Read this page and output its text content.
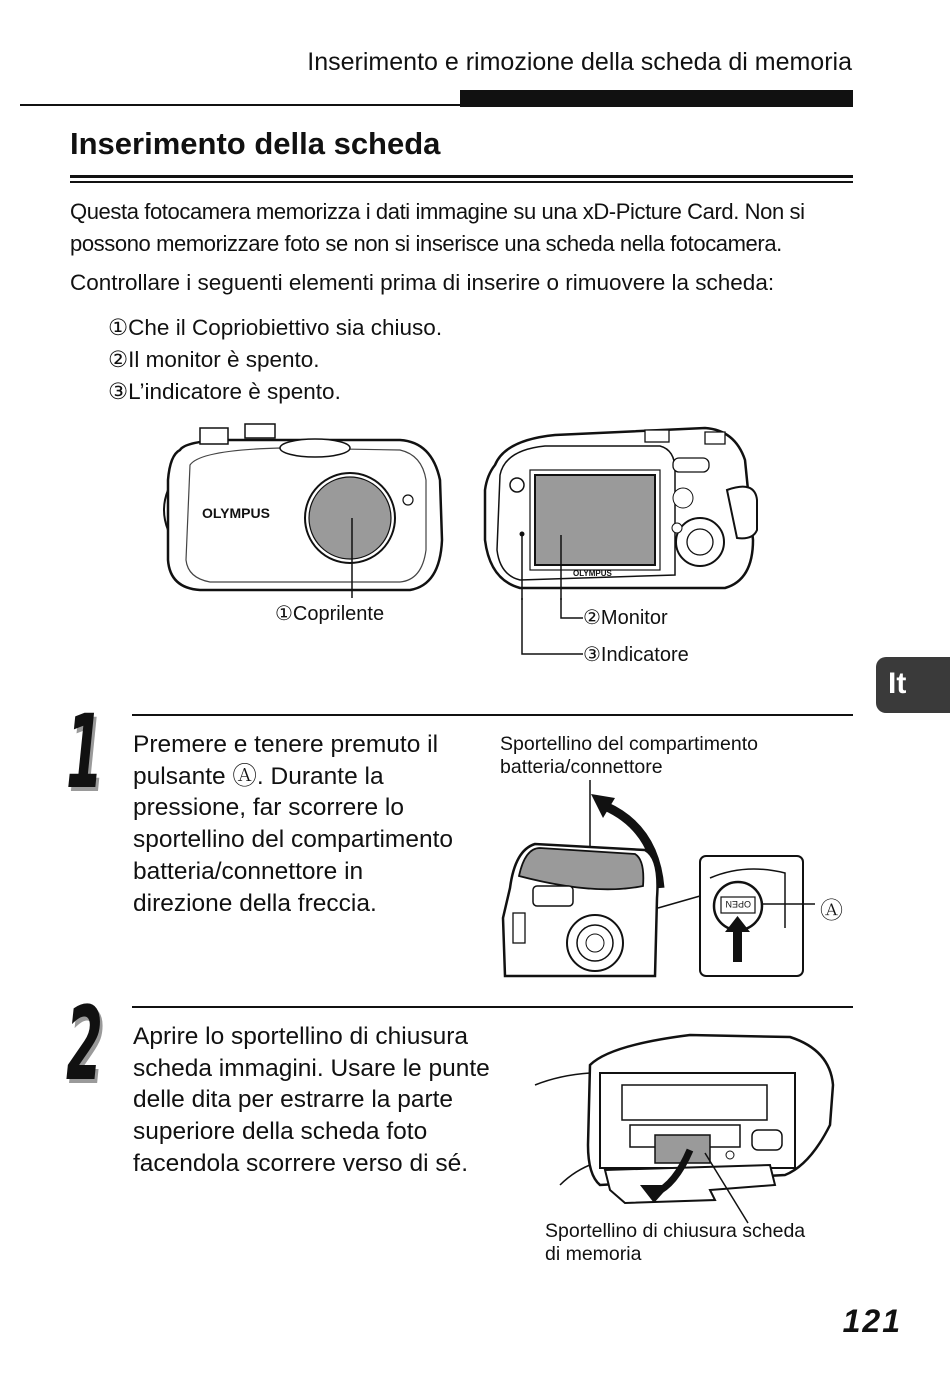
Inserimento e rimozione della scheda di memoria
Inserimento della scheda

Questa fotocamera memorizza i dati immagine su una xD-Picture Card. Non si possono memorizzare foto se non si inserisce una scheda nella fotocamera.

Controllare i seguenti elementi prima di inserire o rimuovere la scheda:

①Che il Copriobiettivo sia chiuso.
②Il monitor è spento.
③L’indicatore è spento.
OLYMPUS
OLYMPUS
①Coprilente	②Monitor
③Indicatore
It
1 Premere e tenere premuto il
pulsante Ⓐ. Durante la
pressione, far scorrere lo
sportellino del compartimento
batteria/connettore in
direzione della freccia.
Sportellino del compartimento
batteria/connettore
OPEN	Ⓐ
2 Aprire lo sportellino di chiusura
scheda immagini. Usare le punte
delle dita per estrarre la parte
superiore della scheda foto
facendola scorrere verso di sé.
Sportellino di chiusura scheda
di memoria
121
